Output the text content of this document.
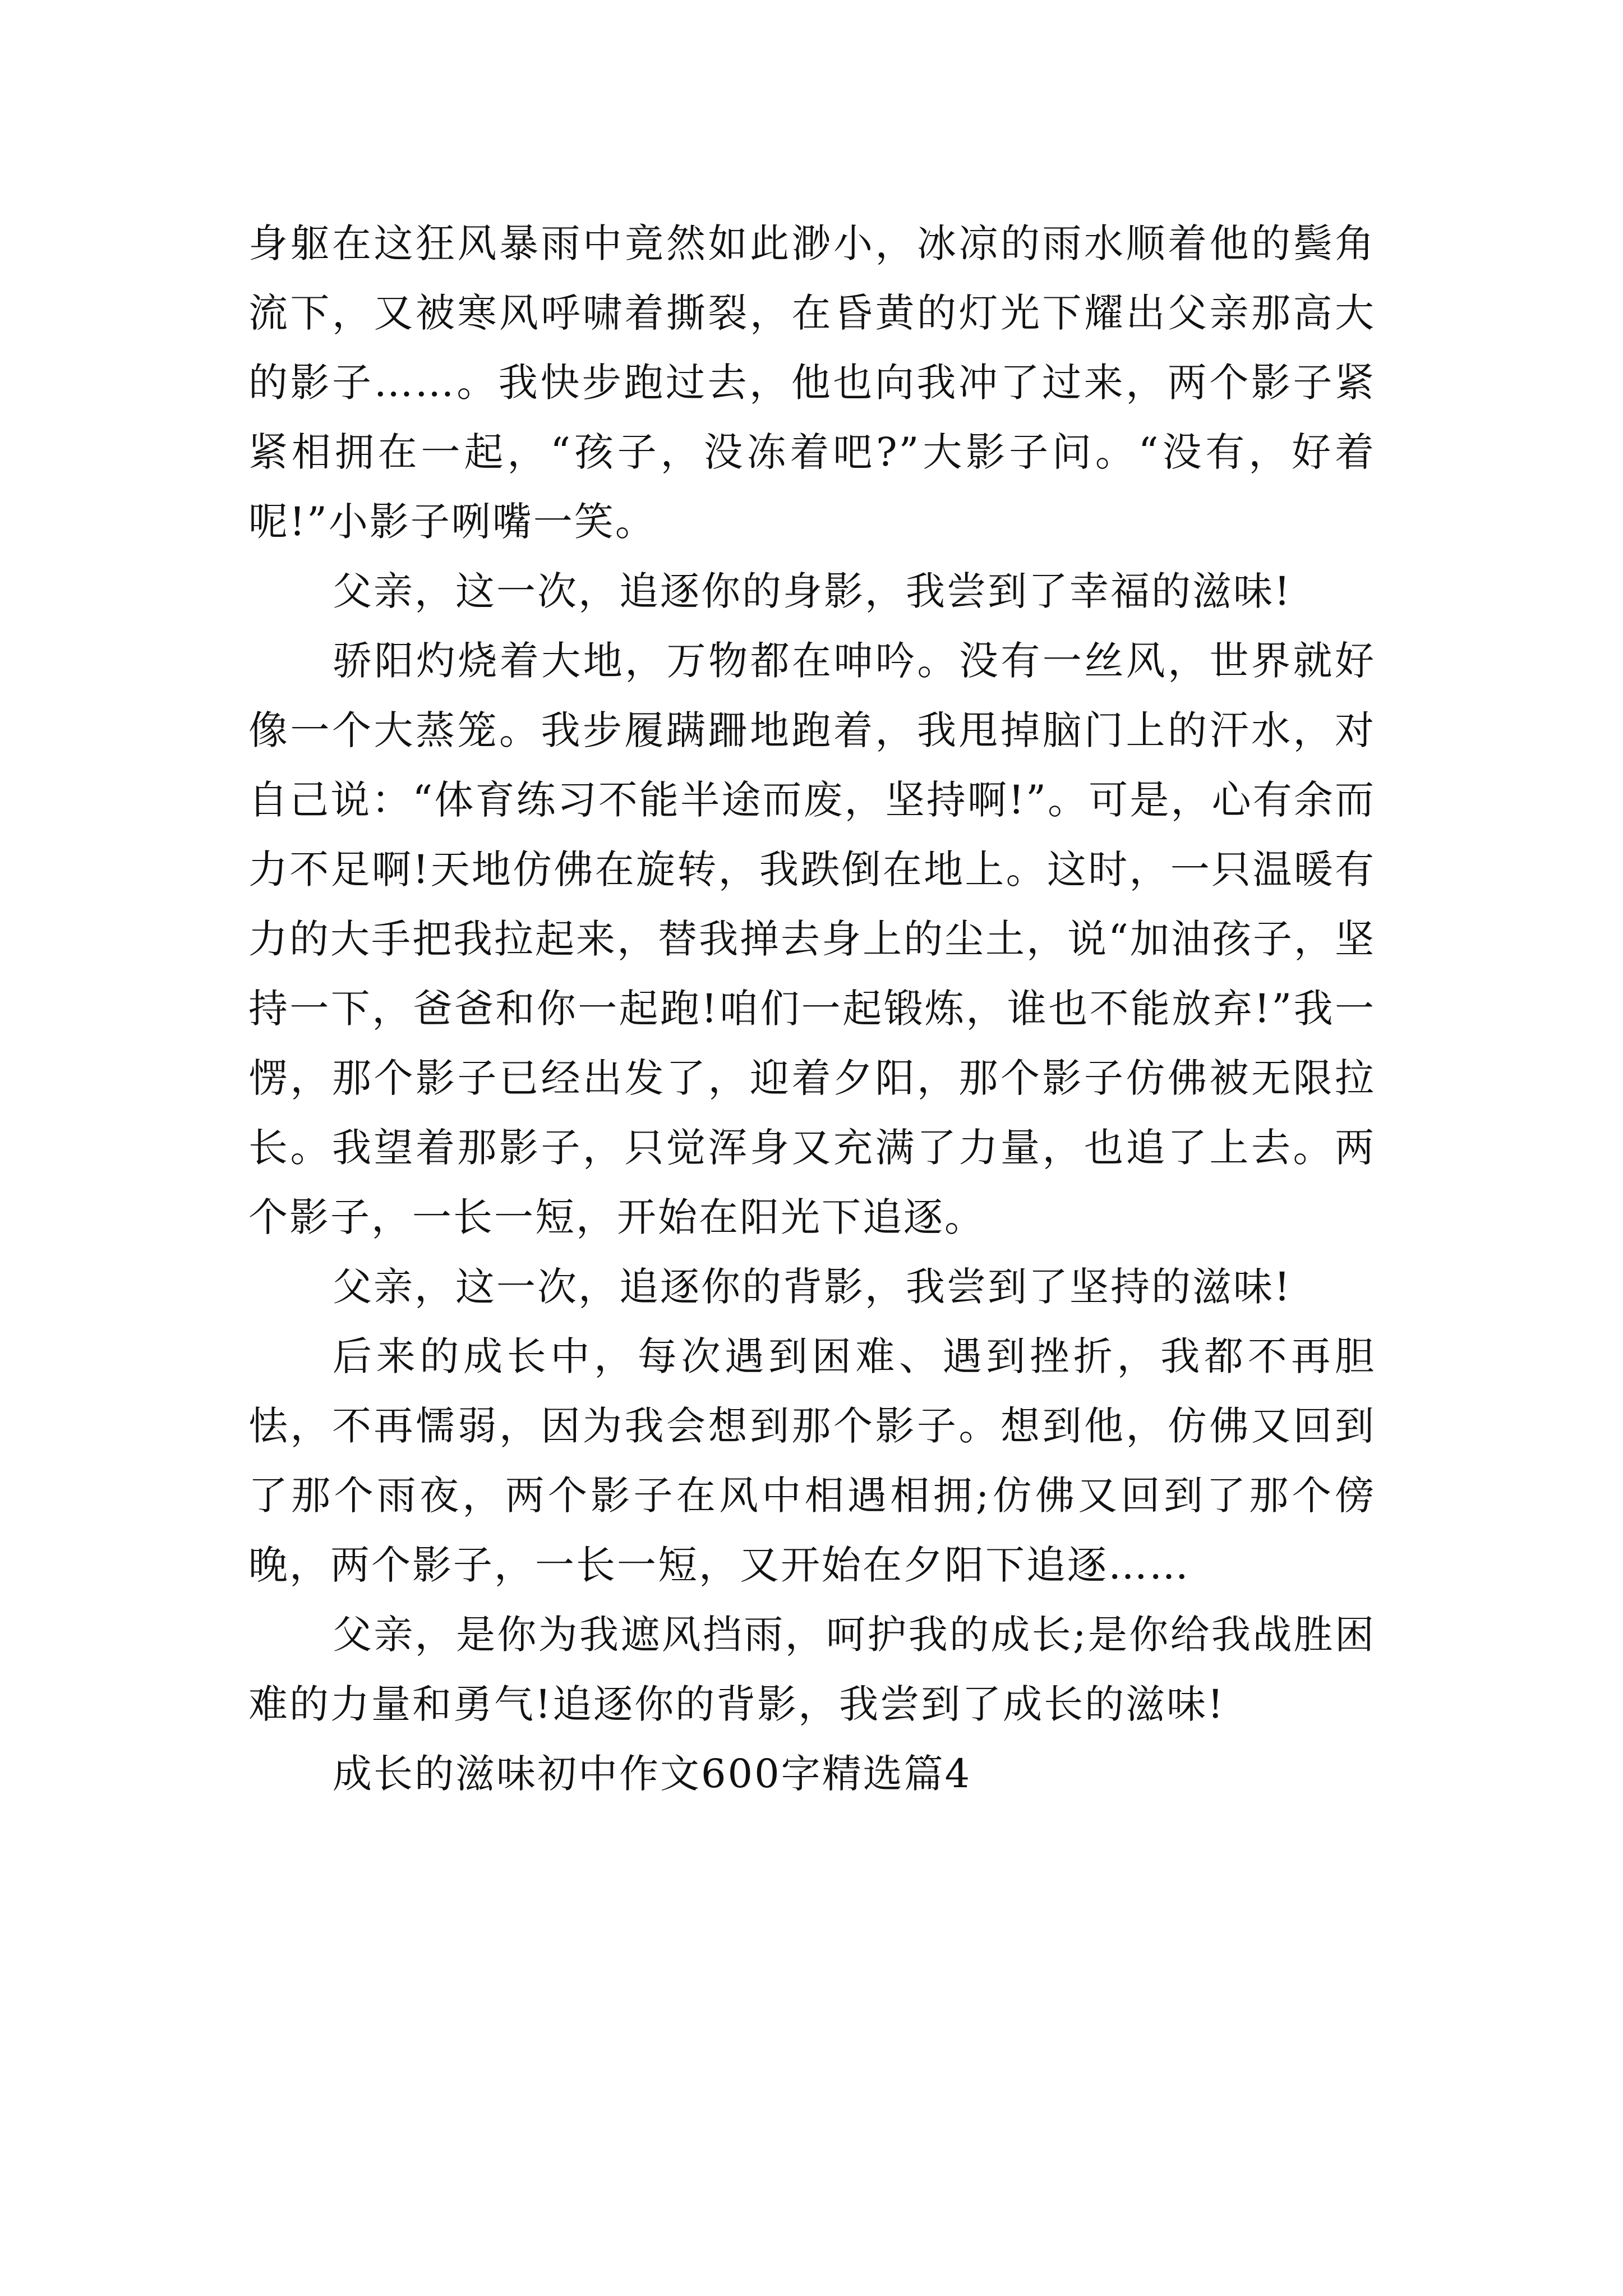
身躯在这狂风暴雨中竟然如此渺小，冰凉的雨水顺着他的鬓角流下，又被寒风呼啸着撕裂，在昏黄的灯光下耀出父亲那高大的影子……。我快步跑过去，他也向我冲了过来，两个影子紧紧相拥在一起，“孩子，没冻着吧?”大影子问。“没有，好着呢!”小影子咧嘴一笑。

父亲，这一次，追逐你的身影，我尝到了幸福的滋味!

骄阳灼烧着大地，万物都在呻吟。没有一丝风，世界就好像一个大蒸笼。我步履蹒跚地跑着，我甩掉脑门上的汗水，对自己说：“体育练习不能半途而废，坚持啊!”。可是，心有余而力不足啊!天地仿佛在旋转，我跌倒在地上。这时，一只温暖有力的大手把我拉起来，替我掸去身上的尘土，说“加油孩子，坚持一下，爸爸和你一起跑!咱们一起锻炼，谁也不能放弃!”我一愣，那个影子已经出发了，迎着夕阳，那个影子仿佛被无限拉长。我望着那影子，只觉浑身又充满了力量，也追了上去。两个影子，一长一短，开始在阳光下追逐。

父亲，这一次，追逐你的背影，我尝到了坚持的滋味!

后来的成长中，每次遇到困难、遇到挫折，我都不再胆怯，不再懦弱，因为我会想到那个影子。想到他，仿佛又回到了那个雨夜，两个影子在风中相遇相拥;仿佛又回到了那个傍晚，两个影子，一长一短，又开始在夕阳下追逐……

父亲，是你为我遮风挡雨，呵护我的成长;是你给我战胜困难的力量和勇气!追逐你的背影，我尝到了成长的滋味!

成长的滋味初中作文600字精选篇4
